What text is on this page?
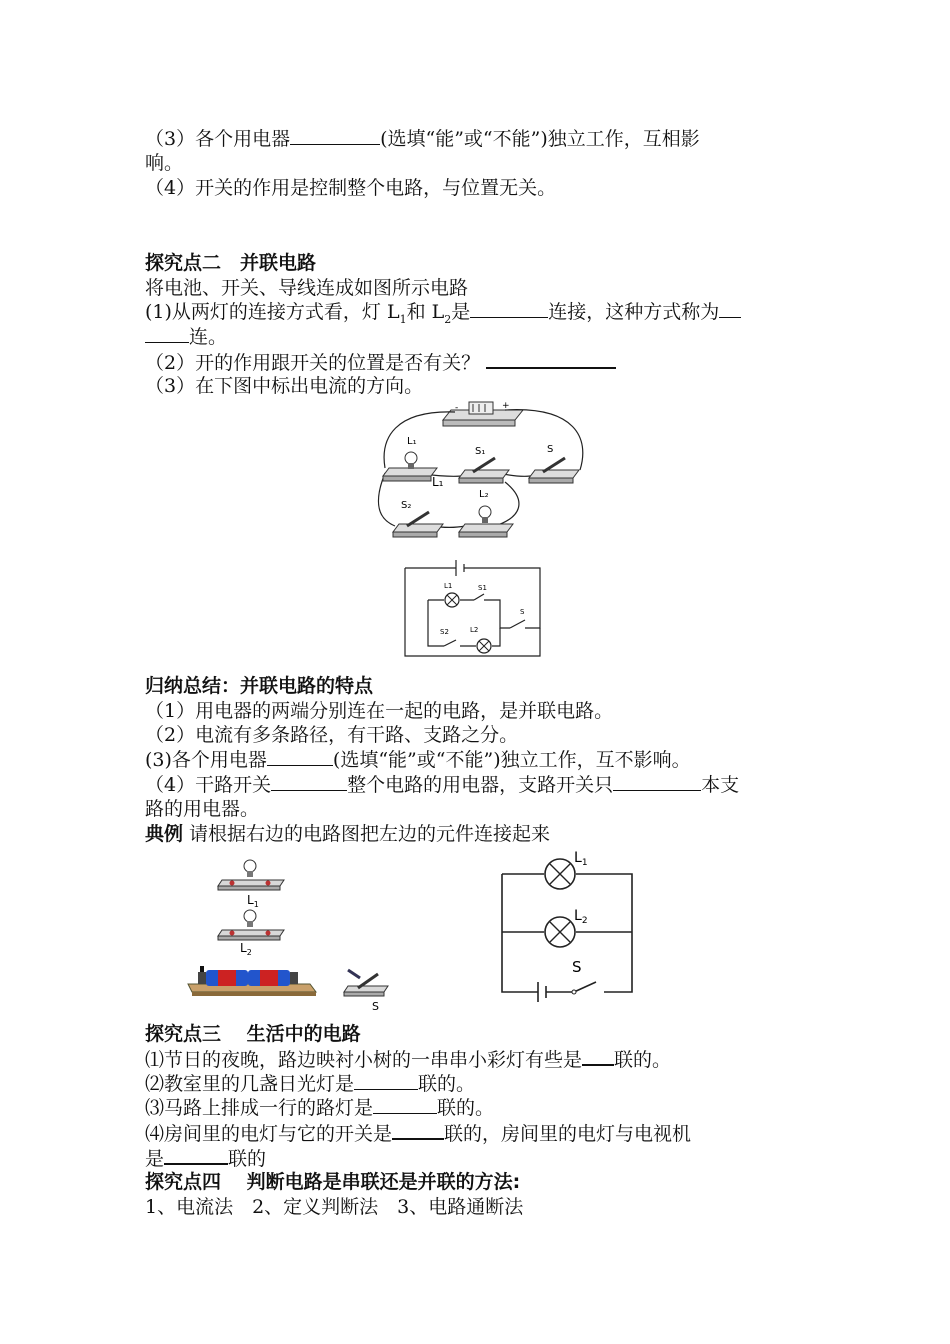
（3）各个用电器	(选填“能”或“不能”)独立工作，互相影
响。
（4）开关的作用是控制整个电路，与位置无关。
探究点二　并联电路
将电池、开关、导线连成如图所示电路
(1)从两灯的连接方式看，灯 $L_1$和 $L_2$是	连接，这种方式称为
连。
（2）开的作用跟开关的位置是否有关？
（3）在下图中标出电流的方向。
-	+
L₁
L₁
S₁	S
S₂
L₂
L1	S1
S
S2	L2
归纳总结：并联电路的特点
（1）用电器的两端分别连在一起的电路，是并联电路。
（2）电流有多条路径，有干路、支路之分。
(3)各个用电器	(选填“能”或“不能”)独立工作，互不影响。
（4）干路开关	整个电路的用电器，支路开关只	本支
路的用电器。
典例 请根据右边的电路图把左边的元件连接起来
$L_1$
$L_2$
S
$L_1$
$L_2$
S
探究点三　 生活中的电路
⑴节日的夜晚，路边映衬小树的一串串小彩灯有些是 联的。
⑵教室里的几盏日光灯是	联的。
⑶马路上排成一行的路灯是	联的。
⑷房间里的电灯与它的开关是	联的，房间里的电灯与电视机
是	联的
探究点四　 判断电路是串联还是并联的方法:
1、电流法　2、定义判断法　3、电路通断法
